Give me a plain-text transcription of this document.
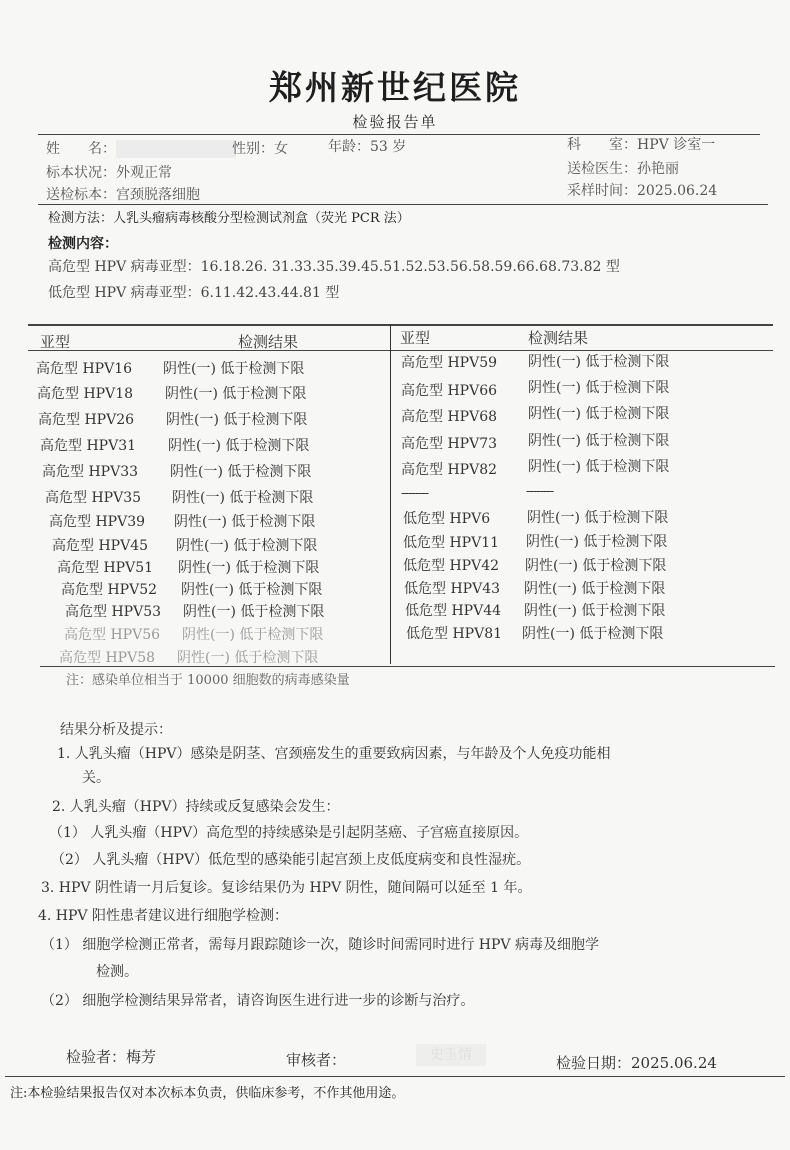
郑州新世纪医院
检验报告单
姓　　名：	性别：女	年龄：53 岁	科　　室：HPV 诊室一
标本状况：外观正常	送检医生：孙艳丽
送检标本：宫颈脱落细胞	采样时间：2025.06.24
检测方法：人乳头瘤病毒核酸分型检测试剂盒（荧光 PCR 法）
检测内容：
高危型 HPV 病毒亚型：16.18.26. 31.33.35.39.45.51.52.53.56.58.59.66.68.73.82 型
低危型 HPV 病毒亚型：6.11.42.43.44.81 型
亚型	检测结果	亚型	检测结果
高危型 HPV16 阴性(一) 低于检测下限
高危型 HPV18 阴性(一) 低于检测下限
高危型 HPV26 阴性(一) 低于检测下限
高危型 HPV31 阴性(一) 低于检测下限
高危型 HPV33 阴性(一) 低于检测下限
高危型 HPV35 阴性(一) 低于检测下限
高危型 HPV39 阴性(一) 低于检测下限
高危型 HPV45 阴性(一) 低于检测下限
高危型 HPV51 阴性(一) 低于检测下限
高危型 HPV52 阴性(一) 低于检测下限
高危型 HPV53 阴性(一) 低于检测下限
高危型 HPV56 阴性(一) 低于检测下限
高危型 HPV58 阴性(一) 低于检测下限
高危型 HPV59 阴性(一) 低于检测下限
高危型 HPV66 阴性(一) 低于检测下限
高危型 HPV68 阴性(一) 低于检测下限
高危型 HPV73 阴性(一) 低于检测下限
高危型 HPV82 阴性(一) 低于检测下限
--------	--------
低危型 HPV6	阴性(一) 低于检测下限
低危型 HPV11 阴性(一) 低于检测下限
低危型 HPV42 阴性(一) 低于检测下限
低危型 HPV43 阴性(一) 低于检测下限
低危型 HPV44 阴性(一) 低于检测下限
低危型 HPV81 阴性(一) 低于检测下限
注：感染单位相当于 10000 细胞数的病毒感染量
结果分析及提示：
1. 人乳头瘤（HPV）感染是阴茎、宫颈癌发生的重要致病因素，与年龄及个人免疫功能相
关。
2. 人乳头瘤（HPV）持续或反复感染会发生：
（1） 人乳头瘤（HPV）高危型的持续感染是引起阴茎癌、子宫癌直接原因。
（2） 人乳头瘤（HPV）低危型的感染能引起宫颈上皮低度病变和良性湿疣。
3. HPV 阴性请一月后复诊。复诊结果仍为 HPV 阴性，随间隔可以延至 1 年。
4. HPV 阳性患者建议进行细胞学检测：
（1） 细胞学检测正常者，需每月跟踪随诊一次，随诊时间需同时进行 HPV 病毒及细胞学
检测。
（2） 细胞学检测结果异常者，请咨询医生进行进一步的诊断与治疗。
检验者：梅芳	审核者：	史玉情	检验日期：2025.06.24
注:本检验结果报告仅对本次标本负责，供临床参考，不作其他用途。
